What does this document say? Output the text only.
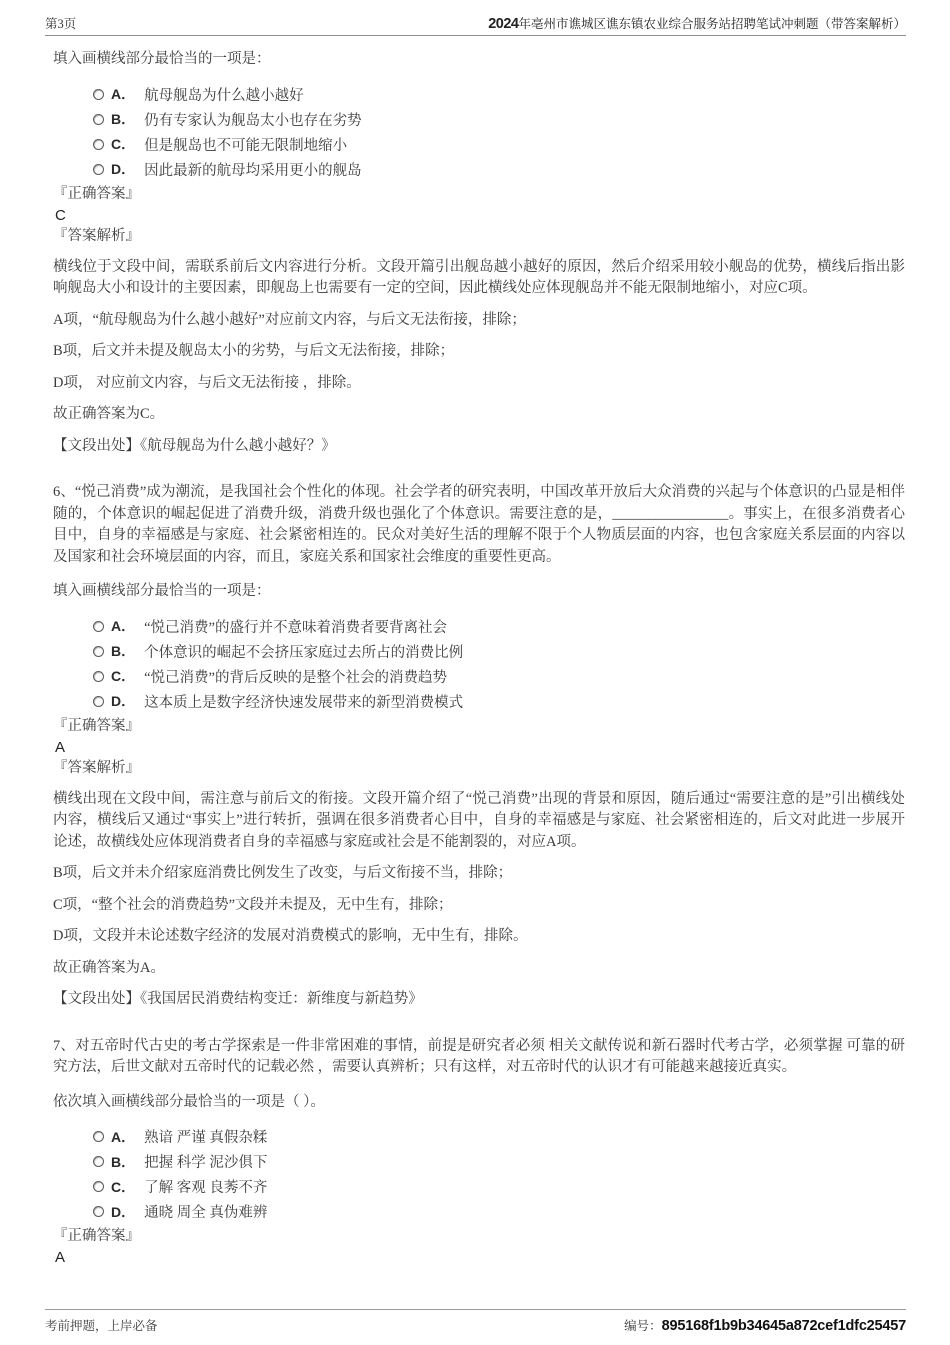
第3页	2024年亳州市谯城区谯东镇农业综合服务站招聘笔试冲刺题（带答案解析）

填入画横线部分最恰当的一项是：

A． 航母舰岛为什么越小越好
B． 仍有专家认为舰岛太小也存在劣势
C． 但是舰岛也不可能无限制地缩小
D． 因此最新的航母均采用更小的舰岛

『正确答案』

C

『答案解析』

横线位于文段中间，需联系前后文内容进行分析。文段开篇引出舰岛越小越好的原因，然后介绍采用较小舰岛的优势，横线后指出影响舰岛大小和设计的主要因素，即舰岛上也需要有一定的空间，因此横线处应体现舰岛并不能无限制地缩小，对应C项。

A项，“航母舰岛为什么越小越好”对应前文内容，与后文无法衔接，排除；

B项，后文并未提及舰岛太小的劣势，与后文无法衔接，排除；

D项， 对应前文内容，与后文无法衔接 ，排除。

故正确答案为C。

【文段出处】《航母舰岛为什么越小越好？》

6、“悦己消费”成为潮流，是我国社会个性化的体现。社会学者的研究表明，中国改革开放后大众消费的兴起与个体意识的凸显是相伴随的，个体意识的崛起促进了消费升级，消费升级也强化了个体意识。需要注意的是，________________。事实上，在很多消费者心目中，自身的幸福感是与家庭、社会紧密相连的。民众对美好生活的理解不限于个人物质层面的内容，也包含家庭关系层面的内容以及国家和社会环境层面的内容，而且，家庭关系和国家社会维度的重要性更高。

填入画横线部分最恰当的一项是：

A． “悦己消费”的盛行并不意味着消费者要背离社会
B． 个体意识的崛起不会挤压家庭过去所占的消费比例
C． “悦己消费”的背后反映的是整个社会的消费趋势
D． 这本质上是数字经济快速发展带来的新型消费模式

『正确答案』

A

『答案解析』

横线出现在文段中间，需注意与前后文的衔接。文段开篇介绍了“悦己消费”出现的背景和原因，随后通过“需要注意的是”引出横线处内容，横线后又通过“事实上”进行转折，强调在很多消费者心目中，自身的幸福感是与家庭、社会紧密相连的，后文对此进一步展开论述，故横线处应体现消费者自身的幸福感与家庭或社会是不能割裂的，对应A项。

B项，后文并未介绍家庭消费比例发生了改变，与后文衔接不当，排除；

C项，“整个社会的消费趋势”文段并未提及，无中生有，排除；

D项，文段并未论述数字经济的发展对消费模式的影响，无中生有，排除。

故正确答案为A。

【文段出处】《我国居民消费结构变迁：新维度与新趋势》

7、对五帝时代古史的考古学探索是一件非常困难的事情，前提是研究者必须 相关文献传说和新石器时代考古学，必须掌握 可靠的研究方法，后世文献对五帝时代的记载必然 ，需要认真辨析；只有这样，对五帝时代的认识才有可能越来越接近真实。

依次填入画横线部分最恰当的一项是（ ）。

A． 熟谙 严谨 真假杂糅
B． 把握 科学 泥沙俱下
C． 了解 客观 良莠不齐
D． 通晓 周全 真伪难辨

『正确答案』

A

考前押题，上岸必备	编号：895168f1b9b34645a872cef1dfc25457
